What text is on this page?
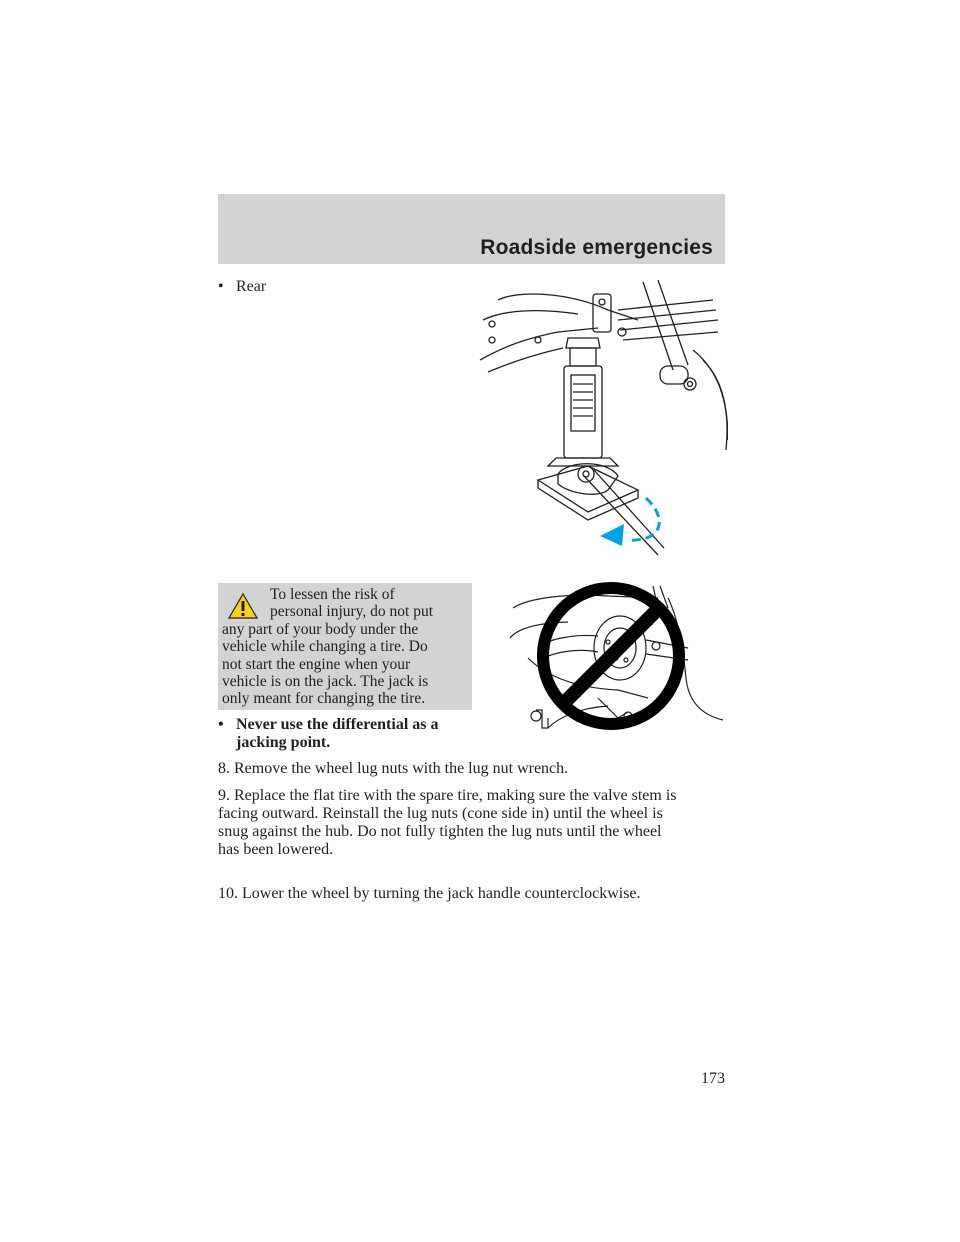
Roadside emergencies
• Rear

To lessen the risk of
personal injury, do not put
any part of your body under the
vehicle while changing a tire. Do
not start the engine when your
vehicle is on the jack. The jack is
only meant for changing the tire.

• Never use the differential as a
jacking point.

8. Remove the wheel lug nuts with the lug nut wrench.

9. Replace the flat tire with the spare tire, making sure the valve stem is
facing outward. Reinstall the lug nuts (cone side in) until the wheel is
snug against the hub. Do not fully tighten the lug nuts until the wheel
has been lowered.

10. Lower the wheel by turning the jack handle counterclockwise.

173
